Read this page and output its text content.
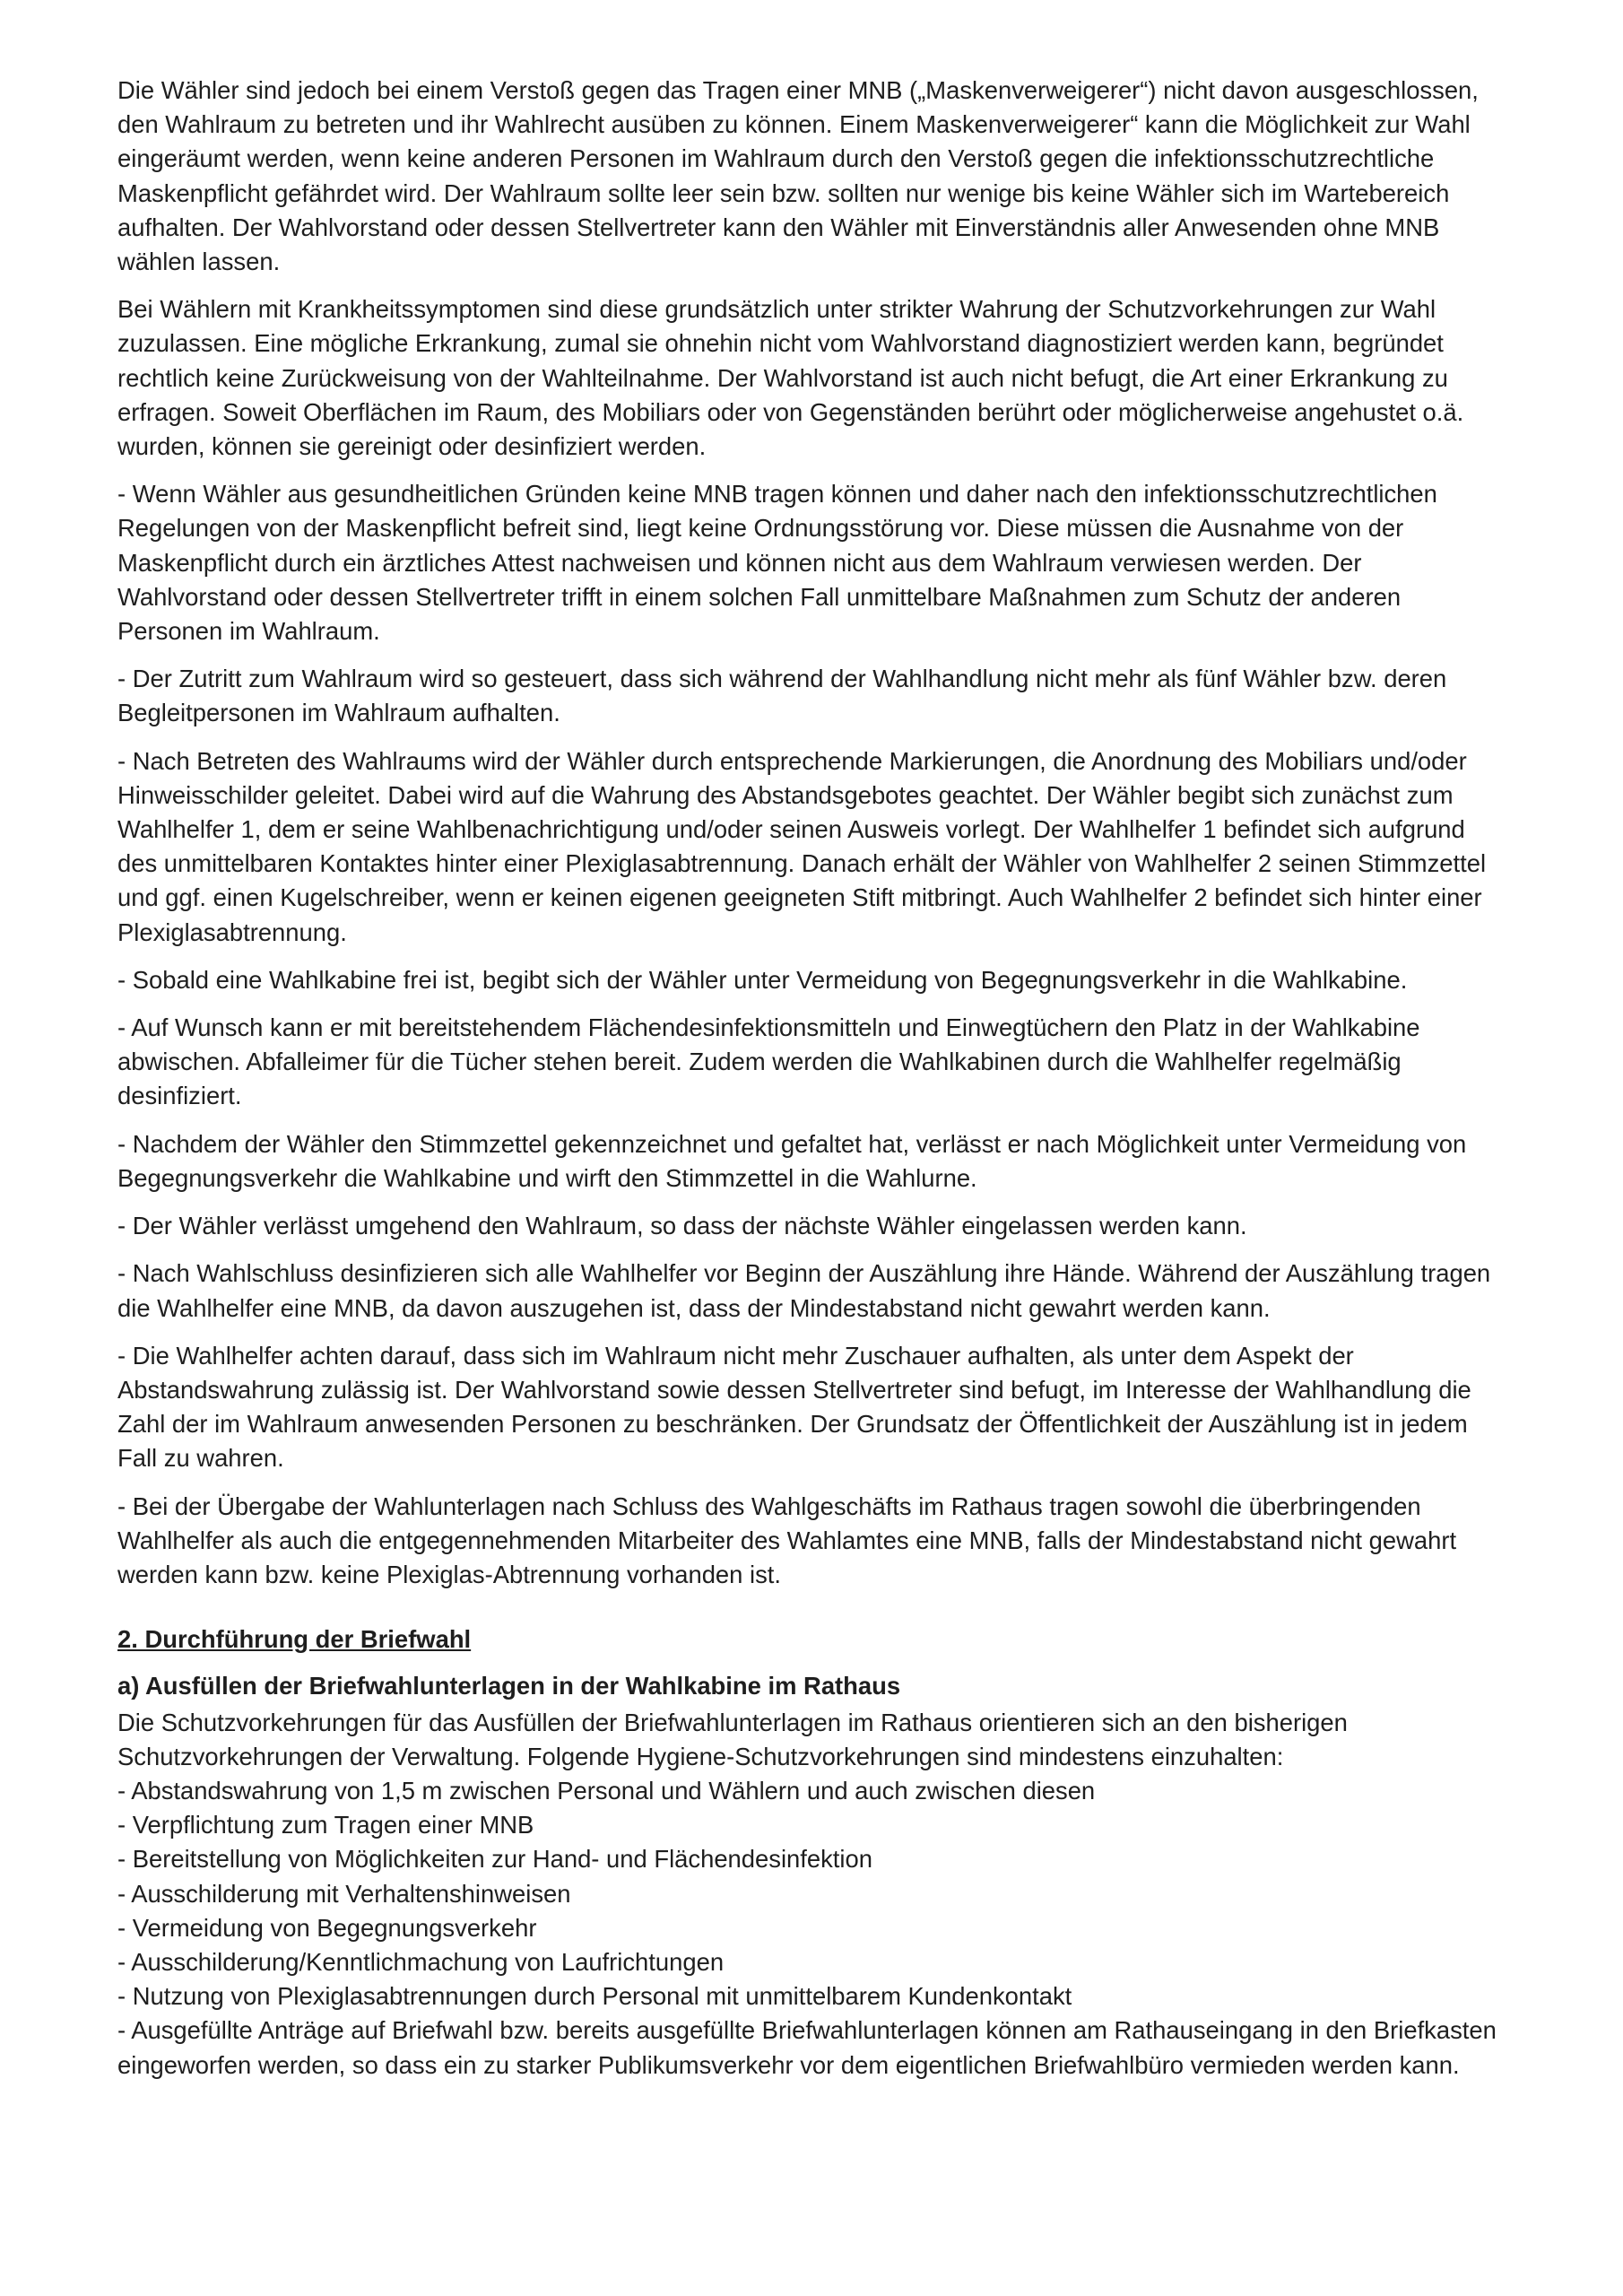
Die Wähler sind jedoch bei einem Verstoß gegen das Tragen einer MNB („Maskenverweigerer“) nicht davon ausgeschlossen, den Wahlraum zu betreten und ihr Wahlrecht ausüben zu können. Einem Maskenverweigerer“ kann die Möglichkeit zur Wahl eingeräumt werden, wenn keine anderen Personen im Wahlraum durch den Verstoß gegen die infektionsschutzrechtliche Maskenpflicht gefährdet wird. Der Wahlraum sollte leer sein bzw. sollten nur wenige bis keine Wähler sich im Wartebereich aufhalten. Der Wahlvorstand oder dessen Stellvertreter kann den Wähler mit Einverständnis aller Anwesenden ohne MNB wählen lassen.

Bei Wählern mit Krankheitssymptomen sind diese grundsätzlich unter strikter Wahrung der Schutzvorkehrungen zur Wahl zuzulassen. Eine mögliche Erkrankung, zumal sie ohnehin nicht vom Wahlvorstand diagnostiziert werden kann, begründet rechtlich keine Zurückweisung von der Wahlteilnahme. Der Wahlvorstand ist auch nicht befugt, die Art einer Erkrankung zu erfragen. Soweit Oberflächen im Raum, des Mobiliars oder von Gegenständen berührt oder möglicherweise angehustet o.ä. wurden, können sie gereinigt oder desinfiziert werden.

- Wenn Wähler aus gesundheitlichen Gründen keine MNB tragen können und daher nach den infektionsschutzrechtlichen Regelungen von der Maskenpflicht befreit sind, liegt keine Ordnungsstörung vor. Diese müssen die Ausnahme von der Maskenpflicht durch ein ärztliches Attest nachweisen und können nicht aus dem Wahlraum verwiesen werden. Der Wahlvorstand oder dessen Stellvertreter trifft in einem solchen Fall unmittelbare Maßnahmen zum Schutz der anderen Personen im Wahlraum.

- Der Zutritt zum Wahlraum wird so gesteuert, dass sich während der Wahlhandlung nicht mehr als fünf Wähler bzw. deren Begleitpersonen im Wahlraum aufhalten.

- Nach Betreten des Wahlraums wird der Wähler durch entsprechende Markierungen, die Anordnung des Mobiliars und/oder Hinweisschilder geleitet. Dabei wird auf die Wahrung des Abstandsgebotes geachtet. Der Wähler begibt sich zunächst zum Wahlhelfer 1, dem er seine Wahlbenachrichtigung und/oder seinen Ausweis vorlegt. Der Wahlhelfer 1 befindet sich aufgrund des unmittelbaren Kontaktes hinter einer Plexiglasabtrennung. Danach erhält der Wähler von Wahlhelfer 2 seinen Stimmzettel und ggf. einen Kugelschreiber, wenn er keinen eigenen geeigneten Stift mitbringt. Auch Wahlhelfer 2 befindet sich hinter einer Plexiglasabtrennung.

- Sobald eine Wahlkabine frei ist, begibt sich der Wähler unter Vermeidung von Begegnungsverkehr in die Wahlkabine.

- Auf Wunsch kann er mit bereitstehendem Flächendesinfektionsmitteln und Einwegtüchern den Platz in der Wahlkabine abwischen. Abfalleimer für die Tücher stehen bereit. Zudem werden die Wahlkabinen durch die Wahlhelfer regelmäßig desinfiziert.

- Nachdem der Wähler den Stimmzettel gekennzeichnet und gefaltet hat, verlässt er nach Möglichkeit unter Vermeidung von Begegnungsverkehr die Wahlkabine und wirft den Stimmzettel in die Wahlurne.

- Der Wähler verlässt umgehend den Wahlraum, so dass der nächste Wähler eingelassen werden kann.

- Nach Wahlschluss desinfizieren sich alle Wahlhelfer vor Beginn der Auszählung ihre Hände. Während der Auszählung tragen die Wahlhelfer eine MNB, da davon auszugehen ist, dass der Mindestabstand nicht gewahrt werden kann.

- Die Wahlhelfer achten darauf, dass sich im Wahlraum nicht mehr Zuschauer aufhalten, als unter dem Aspekt der Abstandswahrung zulässig ist. Der Wahlvorstand sowie dessen Stellvertreter sind befugt, im Interesse der Wahlhandlung die Zahl der im Wahlraum anwesenden Personen zu beschränken. Der Grundsatz der Öffentlichkeit der Auszählung ist in jedem Fall zu wahren.

- Bei der Übergabe der Wahlunterlagen nach Schluss des Wahlgeschäfts im Rathaus tragen sowohl die überbringenden Wahlhelfer als auch die entgegennehmenden Mitarbeiter des Wahlamtes eine MNB, falls der Mindestabstand nicht gewahrt werden kann bzw. keine Plexiglas-Abtrennung vorhanden ist.

2. Durchführung der Briefwahl
a) Ausfüllen der Briefwahlunterlagen in der Wahlkabine im Rathaus

Die Schutzvorkehrungen für das Ausfüllen der Briefwahlunterlagen im Rathaus orientieren sich an den bisherigen Schutzvorkehrungen der Verwaltung. Folgende Hygiene-Schutzvorkehrungen sind mindestens einzuhalten:

- Abstandswahrung von 1,5 m zwischen Personal und Wählern und auch zwischen diesen
- Verpflichtung zum Tragen einer MNB
- Bereitstellung von Möglichkeiten zur Hand- und Flächendesinfektion
- Ausschilderung mit Verhaltenshinweisen
- Vermeidung von Begegnungsverkehr
- Ausschilderung/Kenntlichmachung von Laufrichtungen
- Nutzung von Plexiglasabtrennungen durch Personal mit unmittelbarem Kundenkontakt
- Ausgefüllte Anträge auf Briefwahl bzw. bereits ausgefüllte Briefwahlunterlagen können am Rathauseingang in den Briefkasten eingeworfen werden, so dass ein zu starker Publikumsverkehr vor dem eigentlichen Briefwahlbüro vermieden werden kann.
